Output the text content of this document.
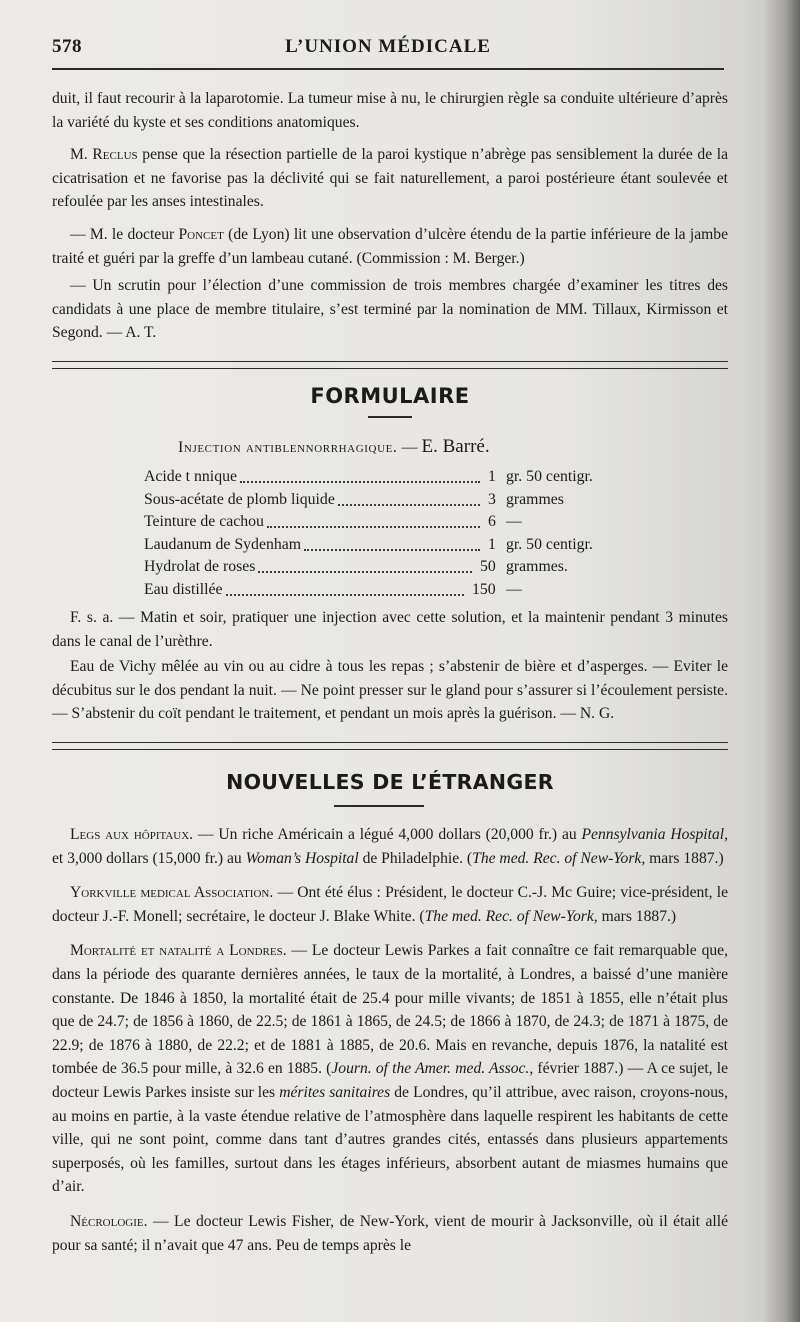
578	L’UNION MÉDICALE

duit, il faut recourir à la laparotomie. La tumeur mise à nu, le chirurgien règle sa conduite ultérieure d’après la variété du kyste et ses conditions anatomiques.

M. Reclus pense que la résection partielle de la paroi kystique n’abrège pas sensiblement la durée de la cicatrisation et ne favorise pas la déclivité qui se fait naturellement, a paroi postérieure étant soulevée et refoulée par les anses intestinales.

— M. le docteur Poncet (de Lyon) lit une observation d’ulcère étendu de la partie inférieure de la jambe traité et guéri par la greffe d’un lambeau cutané. (Commission : M. Berger.)

— Un scrutin pour l’élection d’une commission de trois membres chargée d’examiner les titres des candidats à une place de membre titulaire, s’est terminé par la nomination de MM. Tillaux, Kirmisson et Segond. — A. T.

FORMULAIRE
Injection antiblennorrhagique. — E. Barré.
Acide t nnique	1 gr. 50 centigr.
Sous-acétate de plomb liquide	3 grammes
Teinture de cachou	6 —
Laudanum de Sydenham	1 gr. 50 centigr.
Hydrolat de roses	50 grammes.
Eau distillée	150 —

F. s. a. — Matin et soir, pratiquer une injection avec cette solution, et la maintenir pendant 3 minutes dans le canal de l’urèthre.

Eau de Vichy mêlée au vin ou au cidre à tous les repas ; s’abstenir de bière et d’asperges. — Eviter le décubitus sur le dos pendant la nuit. — Ne point presser sur le gland pour s’assurer si l’écoulement persiste. — S’abstenir du coït pendant le traitement, et pendant un mois après la guérison. — N. G.

NOUVELLES DE L’ÉTRANGER

Legs aux hôpitaux. — Un riche Américain a légué 4,000 dollars (20,000 fr.) au Pennsylvania Hospital, et 3,000 dollars (15,000 fr.) au Woman’s Hospital de Philadelphie. (The med. Rec. of New-York, mars 1887.)

Yorkville medical Association. — Ont été élus : Président, le docteur C.-J. Mc Guire; vice-président, le docteur J.-F. Monell; secrétaire, le docteur J. Blake White. (The med. Rec. of New-York, mars 1887.)

Mortalité et natalité a Londres. — Le docteur Lewis Parkes a fait connaître ce fait remarquable que, dans la période des quarante dernières années, le taux de la mortalité, à Londres, a baissé d’une manière constante. De 1846 à 1850, la mortalité était de 25.4 pour mille vivants; de 1851 à 1855, elle n’était plus que de 24.7; de 1856 à 1860, de 22.5; de 1861 à 1865, de 24.5; de 1866 à 1870, de 24.3; de 1871 à 1875, de 22.9; de 1876 à 1880, de 22.2; et de 1881 à 1885, de 20.6. Mais en revanche, depuis 1876, la natalité est tombée de 36.5 pour mille, à 32.6 en 1885. (Journ. of the Amer. med. Assoc., février 1887.) — A ce sujet, le docteur Lewis Parkes insiste sur les mérites sanitaires de Londres, qu’il attribue, avec raison, croyons-nous, au moins en partie, à la vaste étendue relative de l’atmosphère dans laquelle respirent les habitants de cette ville, qui ne sont point, comme dans tant d’autres grandes cités, entassés dans plusieurs appartements superposés, où les familles, surtout dans les étages inférieurs, absorbent autant de miasmes humains que d’air.

Nécrologie. — Le docteur Lewis Fisher, de New-York, vient de mourir à Jacksonville, où il était allé pour sa santé; il n’avait que 47 ans. Peu de temps après le
